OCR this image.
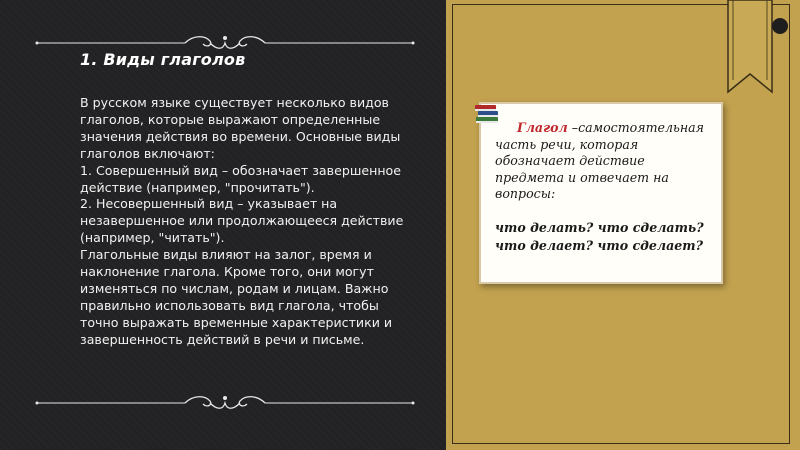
1. Виды глаголов
В русском языке существует несколько видов
глаголов, которые выражают определенные
значения действия во времени. Основные виды
глаголов включают:
1. Совершенный вид – обозначает завершенное
действие (например, "прочитать").
2. Несовершенный вид – указывает на
незавершенное или продолжающееся действие
(например, "читать").
Глагольные виды влияют на залог, время и
наклонение глагола. Кроме того, они могут
изменяться по числам, родам и лицам. Важно
правильно использовать вид глагола, чтобы
точно выражать временные характеристики и
завершенность действий в речи и письме.

Глагол –самостоятельная часть речи, которая обозначает действие предмета и отвечает на вопросы:

что делать? что сделать?
что делает? что сделает?
